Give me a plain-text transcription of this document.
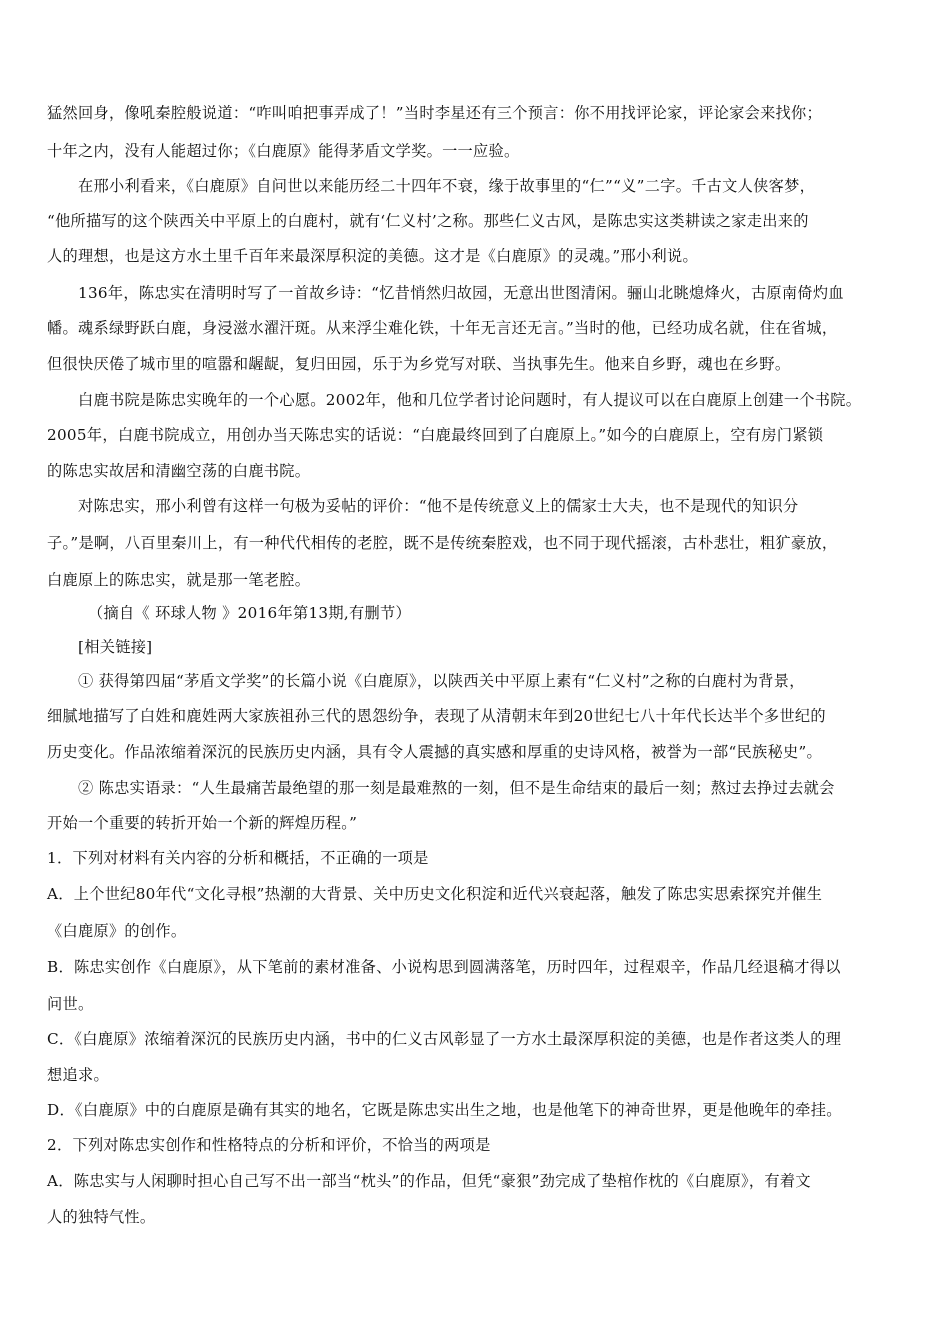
猛然回身，像吼秦腔般说道：“咋叫咱把事弄成了！”当时李星还有三个预言：你不用找评论家，评论家会来找你；
十年之内，没有人能超过你；《白鹿原》能得茅盾文学奖。一一应验。
在邢小利看来，《白鹿原》自问世以来能历经二十四年不衰，缘于故事里的“仁”“义”二字。千古文人侠客梦，
“他所描写的这个陕西关中平原上的白鹿村，就有‘仁义村’之称。那些仁义古风，是陈忠实这类耕读之家走出来的
人的理想，也是这方水土里千百年来最深厚积淀的美德。这才是《白鹿原》的灵魂。”邢小利说。
136年，陈忠实在清明时写了一首故乡诗：“忆昔悄然归故园，无意出世图清闲。骊山北眺熄烽火，古原南倚灼血
幡。魂系绿野跃白鹿，身浸滋水濯汗斑。从来浮尘难化铁，十年无言还无言。”当时的他，已经功成名就，住在省城，
但很快厌倦了城市里的喧嚣和龌龊，复归田园，乐于为乡党写对联、当执事先生。他来自乡野，魂也在乡野。
白鹿书院是陈忠实晚年的一个心愿。2002年，他和几位学者讨论问题时，有人提议可以在白鹿原上创建一个书院。
2005年，白鹿书院成立，用创办当天陈忠实的话说：“白鹿最终回到了白鹿原上。”如今的白鹿原上，空有房门紧锁
的陈忠实故居和清幽空荡的白鹿书院。
对陈忠实，邢小利曾有这样一句极为妥帖的评价：“他不是传统意义上的儒家士大夫，也不是现代的知识分
子。”是啊，八百里秦川上，有一种代代相传的老腔，既不是传统秦腔戏，也不同于现代摇滚，古朴悲壮，粗犷豪放，
白鹿原上的陈忠实，就是那一笔老腔。
（摘自《 环球人物 》2016年第13期,有删节）
[相关链接]
① 获得第四届“茅盾文学奖”的长篇小说《白鹿原》，以陕西关中平原上素有“仁义村”之称的白鹿村为背景，
细腻地描写了白姓和鹿姓两大家族祖孙三代的恩怨纷争，表现了从清朝末年到20世纪七八十年代长达半个多世纪的
历史变化。作品浓缩着深沉的民族历史内涵，具有令人震撼的真实感和厚重的史诗风格，被誉为一部“民族秘史”。
② 陈忠实语录：“人生最痛苦最绝望的那一刻是最难熬的一刻，但不是生命结束的最后一刻；熬过去挣过去就会
开始一个重要的转折开始一个新的辉煌历程。”
1．下列对材料有关内容的分析和概括，不正确的一项是
A．上个世纪80年代“文化寻根”热潮的大背景、关中历史文化积淀和近代兴衰起落，触发了陈忠实思索探究并催生
《白鹿原》的创作。
B．陈忠实创作《白鹿原》，从下笔前的素材准备、小说构思到圆满落笔，历时四年，过程艰辛，作品几经退稿才得以
问世。
C．《白鹿原》浓缩着深沉的民族历史内涵，书中的仁义古风彰显了一方水土最深厚积淀的美德，也是作者这类人的理
想追求。
D．《白鹿原》中的白鹿原是确有其实的地名，它既是陈忠实出生之地，也是他笔下的神奇世界，更是他晚年的牵挂。
2．下列对陈忠实创作和性格特点的分析和评价，不恰当的两项是
A．陈忠实与人闲聊时担心自己写不出一部当“枕头”的作品，但凭“豪狠”劲完成了垫棺作枕的《白鹿原》，有着文
人的独特气性。
